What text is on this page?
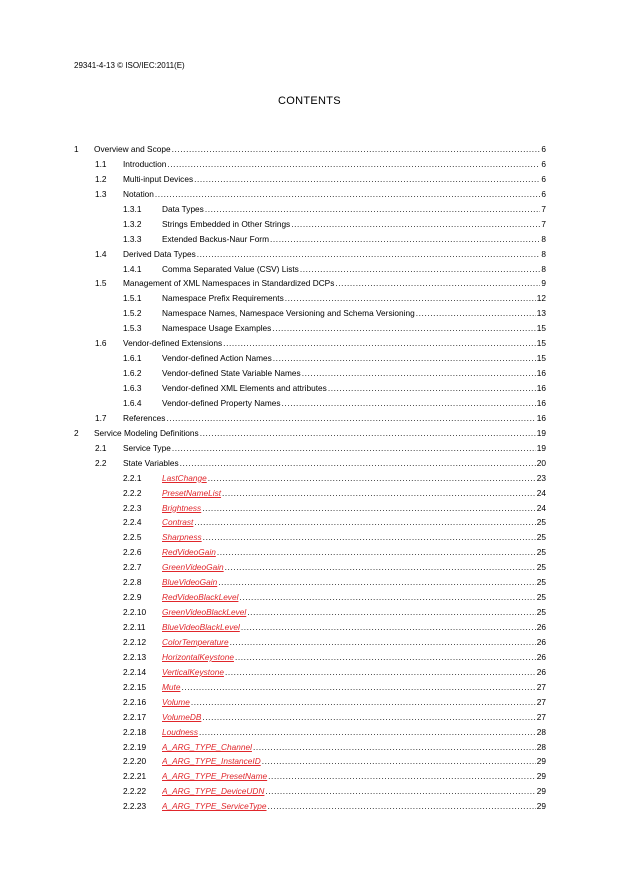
29341-4-13 © ISO/IEC:2011(E)
CONTENTS
1 Overview and Scope .....	6
1.1 Introduction .....	6
1.2 Multi-input Devices .....	6
1.3 Notation .....	6
1.3.1 Data Types .....	7
1.3.2 Strings Embedded in Other Strings .....	7
1.3.3 Extended Backus-Naur Form .....	8
1.4 Derived Data Types .....	8
1.4.1 Comma Separated Value (CSV) Lists .....	8
1.5 Management of XML Namespaces in Standardized DCPs .....	9
1.5.1 Namespace Prefix Requirements .....	12
1.5.2 Namespace Names, Namespace Versioning and Schema Versioning .....	13
1.5.3 Namespace Usage Examples .....	15
1.6 Vendor-defined Extensions .....	15
1.6.1 Vendor-defined Action Names .....	15
1.6.2 Vendor-defined State Variable Names .....	16
1.6.3 Vendor-defined XML Elements and attributes .....	16
1.6.4 Vendor-defined Property Names .....	16
1.7 References .....	16
2 Service Modeling Definitions .....	19
2.1 Service Type .....	19
2.2 State Variables .....	20
2.2.1 LastChange .....	23
2.2.2 PresetNameList .....	24
2.2.3 Brightness .....	24
2.2.4 Contrast .....	25
2.2.5 Sharpness .....	25
2.2.6 RedVideoGain .....	25
2.2.7 GreenVideoGain .....	25
2.2.8 BlueVideoGain .....	25
2.2.9 RedVideoBlackLevel .....	25
2.2.10 GreenVideoBlackLevel .....	25
2.2.11 BlueVideoBlackLevel .....	26
2.2.12 ColorTemperature .....	26
2.2.13 HorizontalKeystone .....	26
2.2.14 VerticalKeystone .....	26
2.2.15 Mute .....	27
2.2.16 Volume .....	27
2.2.17 VolumeDB .....	27
2.2.18 Loudness .....	28
2.2.19 A_ARG_TYPE_Channel .....	28
2.2.20 A_ARG_TYPE_InstanceID .....	29
2.2.21 A_ARG_TYPE_PresetName .....	29
2.2.22 A_ARG_TYPE_DeviceUDN .....	29
2.2.23 A_ARG_TYPE_ServiceType .....	29
